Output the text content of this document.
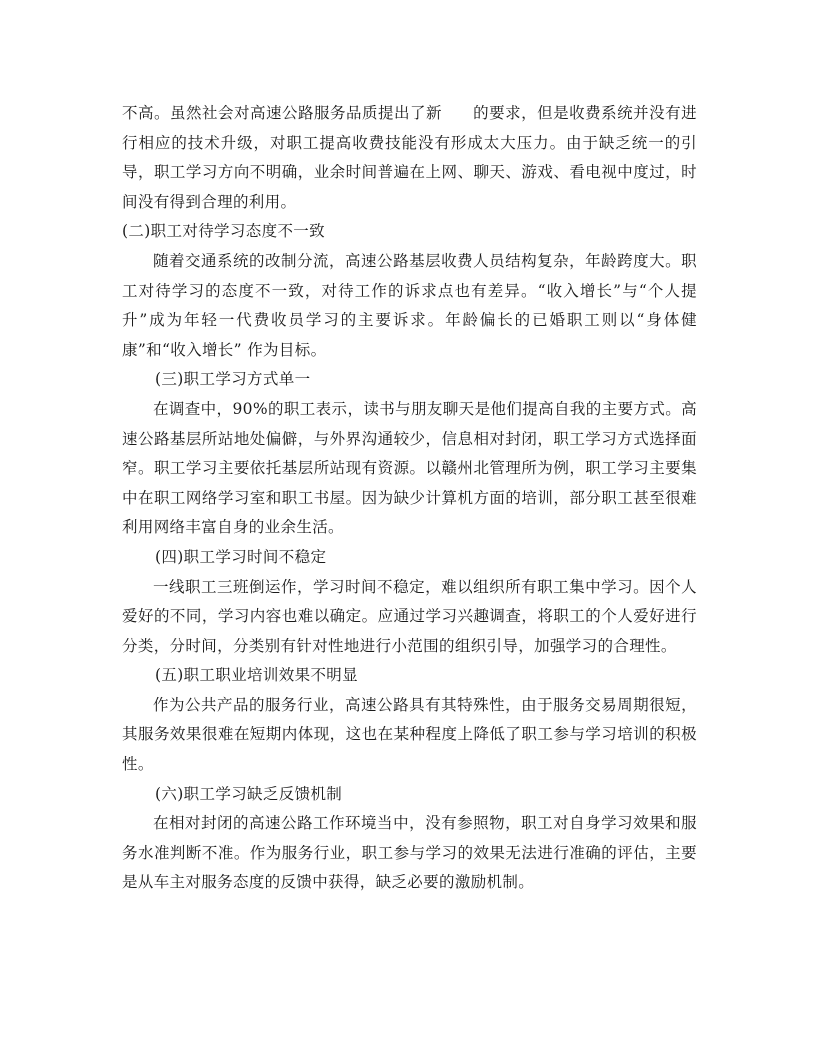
不高。虽然社会对高速公路服务品质提出了新 的要求，但是收费系统并没有进行相应的技术升级，对职工提高收费技能没有形成太大压力。由于缺乏统一的引导，职工学习方向不明确，业余时间普遍在上网、聊天、游戏、看电视中度过，时间没有得到合理的利用。

(二)职工对待学习态度不一致

随着交通系统的改制分流，高速公路基层收费人员结构复杂，年龄跨度大。职工对待学习的态度不一致，对待工作的诉求点也有差异。“收入增长”与“个人提升”成为年轻一代费收员学习的主要诉求。年龄偏长的已婚职工则以“身体健康”和“收入增长” 作为目标。

(三)职工学习方式单一

在调查中，90%的职工表示，读书与朋友聊天是他们提高自我的主要方式。高速公路基层所站地处偏僻，与外界沟通较少，信息相对封闭，职工学习方式选择面窄。职工学习主要依托基层所站现有资源。以赣州北管理所为例，职工学习主要集中在职工网络学习室和职工书屋。因为缺少计算机方面的培训，部分职工甚至很难利用网络丰富自身的业余生活。

(四)职工学习时间不稳定

一线职工三班倒运作，学习时间不稳定，难以组织所有职工集中学习。因个人爱好的不同，学习内容也难以确定。应通过学习兴趣调查，将职工的个人爱好进行分类，分时间，分类别有针对性地进行小范围的组织引导，加强学习的合理性。

(五)职工职业培训效果不明显

作为公共产品的服务行业，高速公路具有其特殊性，由于服务交易周期很短，其服务效果很难在短期内体现，这也在某种程度上降低了职工参与学习培训的积极性。

(六)职工学习缺乏反馈机制

在相对封闭的高速公路工作环境当中，没有参照物，职工对自身学习效果和服务水准判断不准。作为服务行业，职工参与学习的效果无法进行准确的评估，主要是从车主对服务态度的反馈中获得，缺乏必要的激励机制。
